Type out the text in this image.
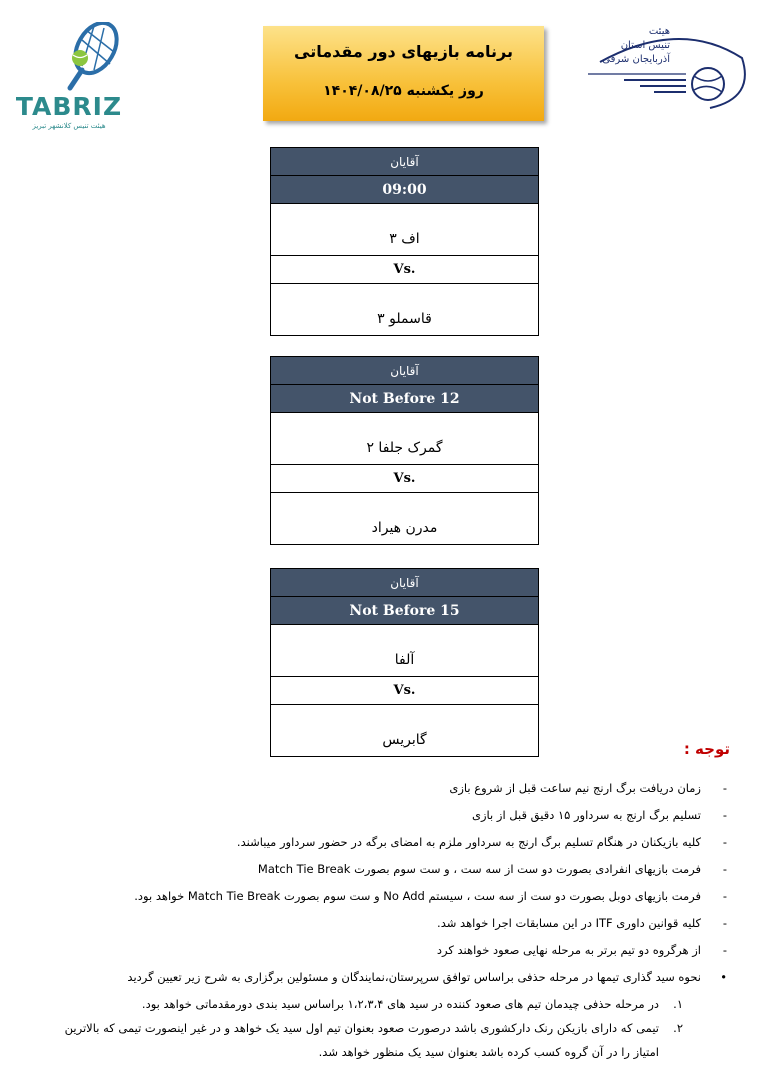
TABRIZ
هیئت تنیس کلانشهر تبریز
هیئت
تنیس استان
آذربایجان شرقی
برنامه بازیهای دور مقدماتی
روز یکشنبه ۱۴۰۴/۰۸/۲۵
آقایان
09:00
اف ۳
Vs.
قاسملو ۳
آقایان
Not Before 12
گمرک جلفا ۲
Vs.
مدرن هیراد
آقایان
Not Before 15
آلفا
Vs.
گابریس	توجه :
-
زمان دریافت برگ ارنج نیم ساعت قبل از شروع بازی
-
تسلیم برگ ارنج به سرداور ۱۵ دقیق قبل از بازی
-
کلیه بازیکنان در هنگام تسلیم برگ ارنج به سرداور ملزم به امضای برگه در حضور سرداور میباشند.
-
فرمت بازیهای انفرادی بصورت دو ست از سه ست ، و ست سوم بصورت Match Tie Break
-
فرمت بازیهای دوبل بصورت دو ست از سه ست ، سیستم No Add و ست سوم بصورت Match Tie Break خواهد بود.
-
کلیه قوانین داوری ITF در این مسابقات اجرا خواهد شد.
-
از هرگروه دو تیم برتر به مرحله نهایی صعود خواهند کرد
•
نحوه سید گذاری تیمها در مرحله حذفی براساس توافق سرپرستان،نمایندگان و مسئولین برگزاری به شرح زیر تعیین گردید
۱.
در مرحله حذفی چیدمان تیم های صعود کننده در سید های ۱،۲،۳،۴ براساس سید بندی دورمقدماتی خواهد بود.
۲.
تیمی که دارای بازیکن رنک دارکشوری باشد درصورت صعود بعنوان تیم اول سید یک خواهد و در غیر اینصورت تیمی که بالاترین امتیاز را در آن گروه کسب کرده باشد بعنوان سید یک منظور خواهد شد.
